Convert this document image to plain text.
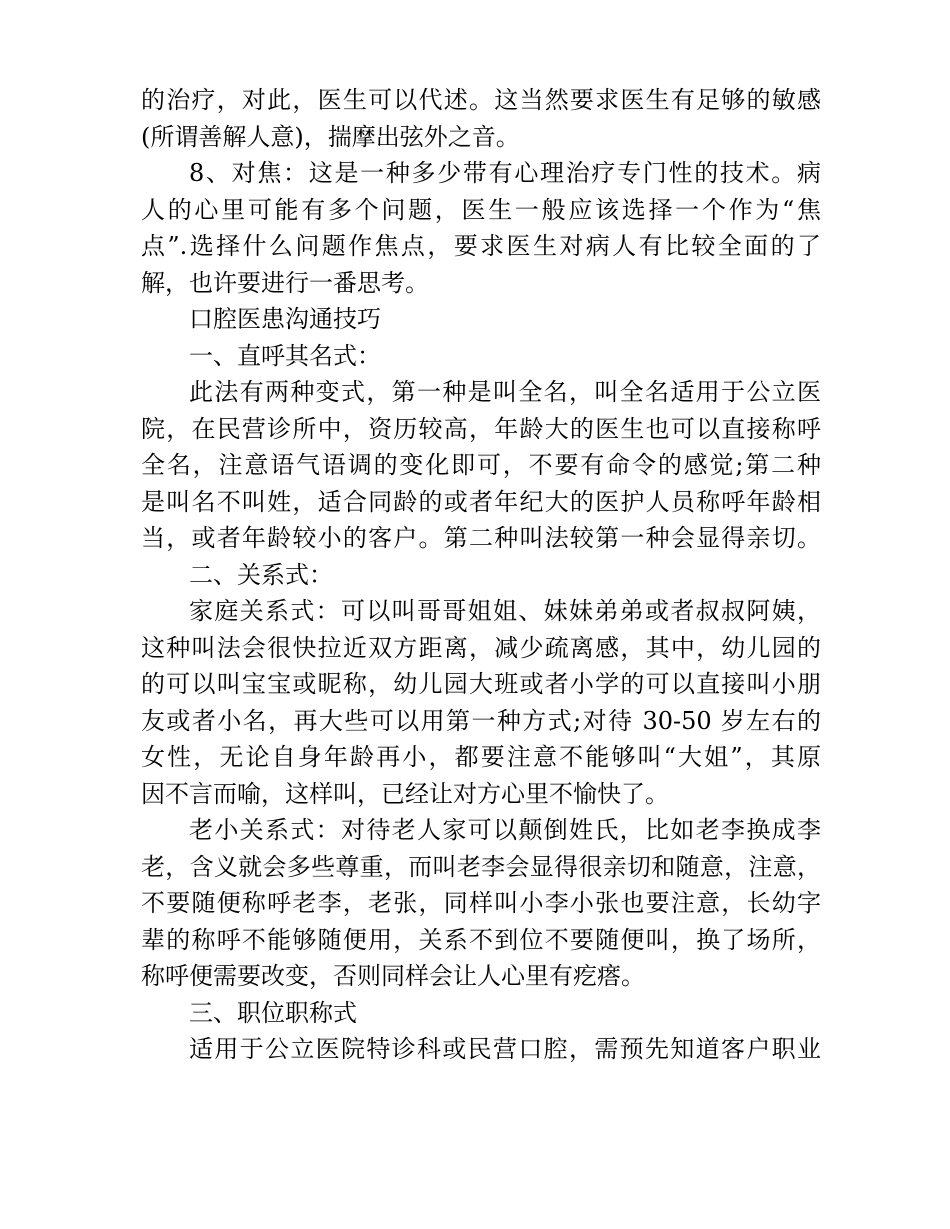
的治疗，对此，医生可以代述。这当然要求医生有足够的敏感
(所谓善解人意)，揣摩出弦外之音。
8、对焦：这是一种多少带有心理治疗专门性的技术。病
人的心里可能有多个问题，医生一般应该选择一个作为“焦
点”.选择什么问题作焦点，要求医生对病人有比较全面的了
解，也许要进行一番思考。
口腔医患沟通技巧
一、直呼其名式：
此法有两种变式，第一种是叫全名，叫全名适用于公立医
院，在民营诊所中，资历较高，年龄大的医生也可以直接称呼
全名，注意语气语调的变化即可，不要有命令的感觉;第二种
是叫名不叫姓，适合同龄的或者年纪大的医护人员称呼年龄相
当，或者年龄较小的客户。第二种叫法较第一种会显得亲切。
二、关系式：
家庭关系式：可以叫哥哥姐姐、妹妹弟弟或者叔叔阿姨，
这种叫法会很快拉近双方距离，减少疏离感，其中，幼儿园的
的可以叫宝宝或昵称，幼儿园大班或者小学的可以直接叫小朋
友或者小名，再大些可以用第一种方式;对待 30-50 岁左右的
女性，无论自身年龄再小，都要注意不能够叫“大姐”，其原
因不言而喻，这样叫，已经让对方心里不愉快了。
老小关系式：对待老人家可以颠倒姓氏，比如老李换成李
老，含义就会多些尊重，而叫老李会显得很亲切和随意，注意，
不要随便称呼老李，老张，同样叫小李小张也要注意，长幼字
辈的称呼不能够随便用，关系不到位不要随便叫，换了场所，
称呼便需要改变，否则同样会让人心里有疙瘩。
三、职位职称式
适用于公立医院特诊科或民营口腔，需预先知道客户职业
